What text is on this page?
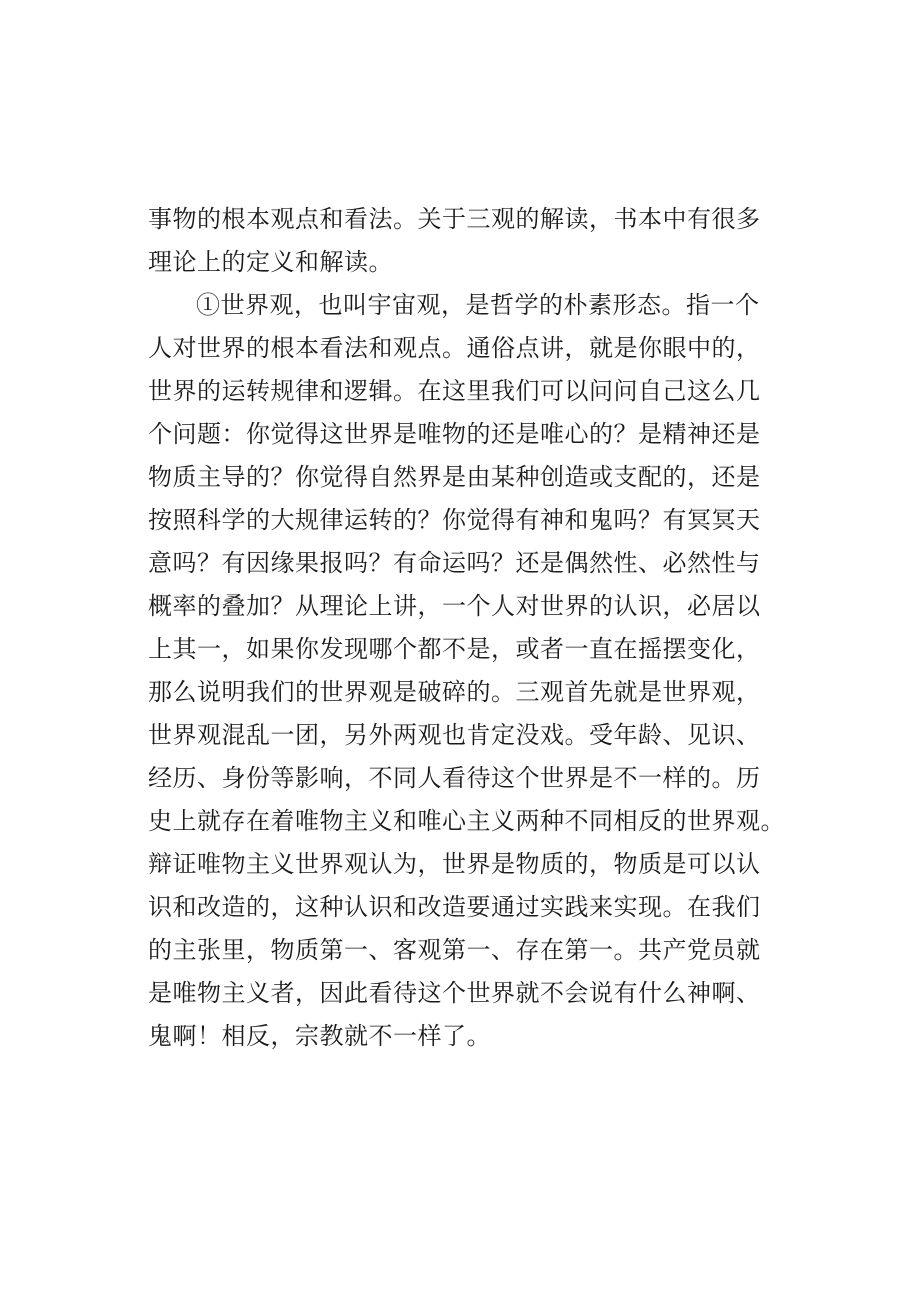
事物的根本观点和看法。关于三观的解读，书本中有很多
理论上的定义和解读。
①世界观，也叫宇宙观，是哲学的朴素形态。指一个
人对世界的根本看法和观点。通俗点讲，就是你眼中的，
世界的运转规律和逻辑。在这里我们可以问问自己这么几
个问题：你觉得这世界是唯物的还是唯心的？是精神还是
物质主导的？你觉得自然界是由某种创造或支配的，还是
按照科学的大规律运转的？你觉得有神和鬼吗？有冥冥天
意吗？有因缘果报吗？有命运吗？还是偶然性、必然性与
概率的叠加？从理论上讲，一个人对世界的认识，必居以
上其一，如果你发现哪个都不是，或者一直在摇摆变化，
那么说明我们的世界观是破碎的。三观首先就是世界观，
世界观混乱一团，另外两观也肯定没戏。受年龄、见识、
经历、身份等影响，不同人看待这个世界是不一样的。历
史上就存在着唯物主义和唯心主义两种不同相反的世界观。
辩证唯物主义世界观认为，世界是物质的，物质是可以认
识和改造的，这种认识和改造要通过实践来实现。在我们
的主张里，物质第一、客观第一、存在第一。共产党员就
是唯物主义者，因此看待这个世界就不会说有什么神啊、
鬼啊！相反，宗教就不一样了。
